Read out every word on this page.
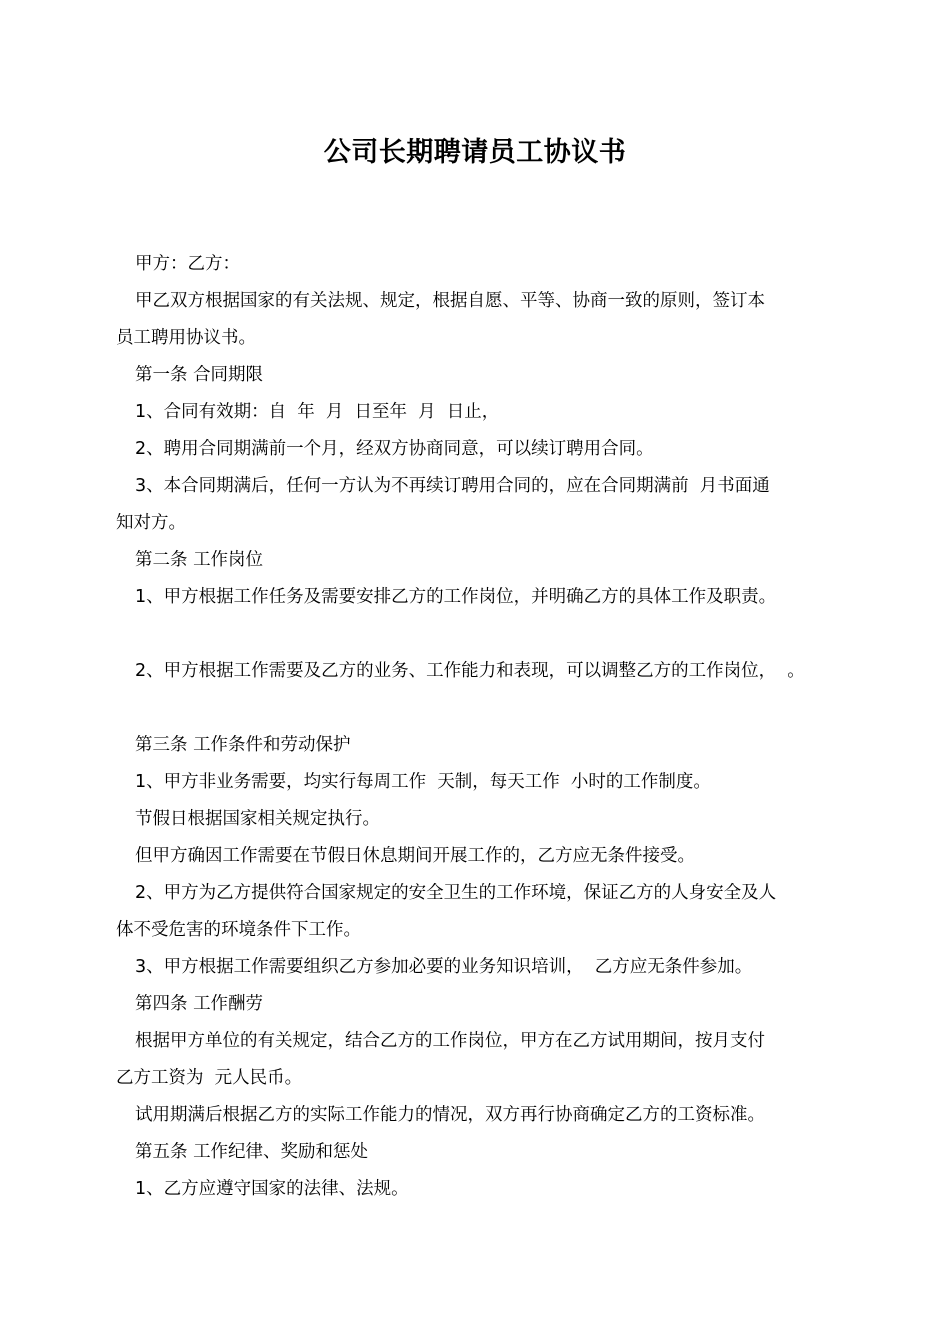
公司长期聘请员工协议书
甲方：乙方：
甲乙双方根据国家的有关法规、规定，根据自愿、平等、协商一致的原则，签订本
员工聘用协议书。
第一条 合同期限
1、合同有效期：自  年  月  日至年  月  日止，
2、聘用合同期满前一个月，经双方协商同意，可以续订聘用合同。
3、本合同期满后，任何一方认为不再续订聘用合同的，应在合同期满前  月书面通
知对方。
第二条 工作岗位
1、甲方根据工作任务及需要安排乙方的工作岗位，并明确乙方的具体工作及职责。
2、甲方根据工作需要及乙方的业务、工作能力和表现，可以调整乙方的工作岗位，  。
第三条 工作条件和劳动保护
1、甲方非业务需要，均实行每周工作  天制，每天工作  小时的工作制度。
节假日根据国家相关规定执行。
但甲方确因工作需要在节假日休息期间开展工作的，乙方应无条件接受。
2、甲方为乙方提供符合国家规定的安全卫生的工作环境，保证乙方的人身安全及人
体不受危害的环境条件下工作。
3、甲方根据工作需要组织乙方参加必要的业务知识培训，  乙方应无条件参加。
第四条 工作酬劳
根据甲方单位的有关规定，结合乙方的工作岗位，甲方在乙方试用期间，按月支付
乙方工资为  元人民币。
试用期满后根据乙方的实际工作能力的情况，双方再行协商确定乙方的工资标准。
第五条 工作纪律、奖励和惩处
1、乙方应遵守国家的法律、法规。
